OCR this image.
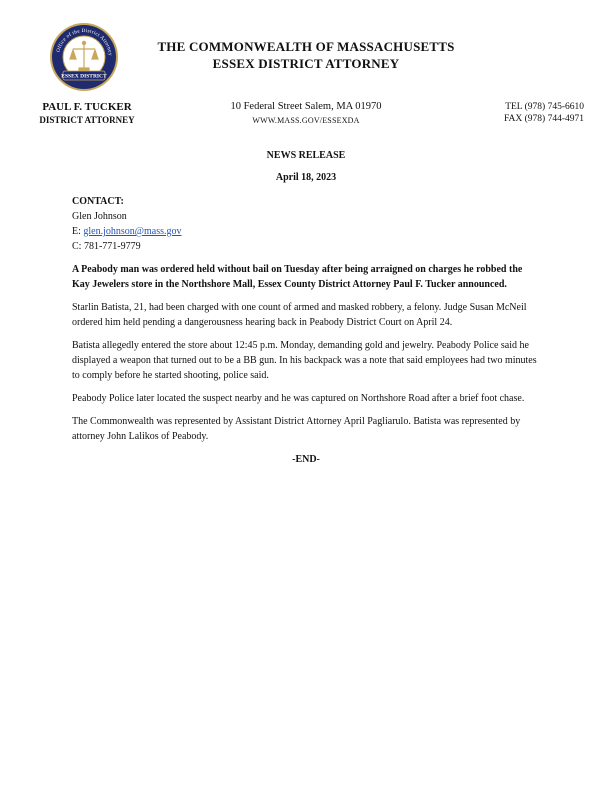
Office of the District Attorney
ESSEX DISTRICT
THE COMMONWEALTH OF MASSACHUSETTS
ESSEX DISTRICT ATTORNEY
PAUL F. TUCKER
DISTRICT ATTORNEY
10 Federal Street Salem, MA 01970
WWW.MASS.GOV/ESSEXDA
TEL (978) 745-6610
FAX (978) 744-4971
NEWS RELEASE
April 18, 2023
CONTACT:
Glen Johnson
E: glen.johnson@mass.gov
C: 781-771-9779
A Peabody man was ordered held without bail on Tuesday after being arraigned on charges he robbed the Kay Jewelers store in the Northshore Mall, Essex County District Attorney Paul F. Tucker announced.
Starlin Batista, 21, had been charged with one count of armed and masked robbery, a felony. Judge Susan McNeil ordered him held pending a dangerousness hearing back in Peabody District Court on April 24.
Batista allegedly entered the store about 12:45 p.m. Monday, demanding gold and jewelry. Peabody Police said he displayed a weapon that turned out to be a BB gun. In his backpack was a note that said employees had two minutes to comply before he started shooting, police said.
Peabody Police later located the suspect nearby and he was captured on Northshore Road after a brief foot chase.
The Commonwealth was represented by Assistant District Attorney April Pagliarulo. Batista was represented by attorney John Lalikos of Peabody.
-END-
